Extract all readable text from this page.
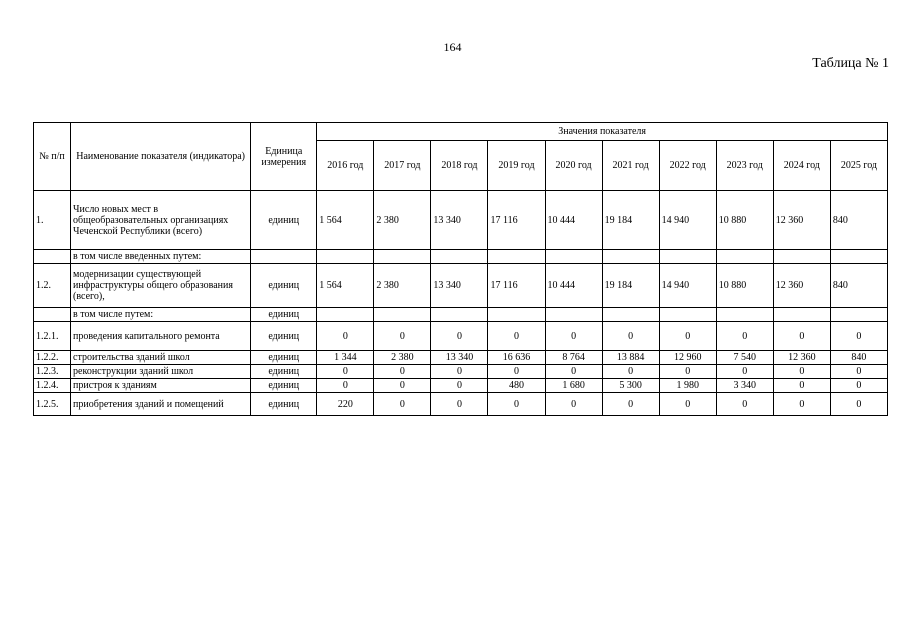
164
Таблица № 1
№ п/п	Наименование показателя (индикатора)	Единица измерения	Значения показателя									
			2016 год	2017 год	2018 год	2019 год	2020 год	2021 год	2022 год	2023 год	2024 год	2025 год
1.	Число новых мест в общеобразовательных организациях Чеченской Республики (всего)	единиц	1 564	2 380	13 340	17 116	10 444	19 184	14 940	10 880	12 360	840
	в том числе введенных путем:											
1.2.	модернизации существующей инфраструктуры общего образования (всего),	единиц	1 564	2 380	13 340	17 116	10 444	19 184	14 940	10 880	12 360	840
	в том числе путем:	единиц										
1.2.1.	проведения капитального ремонта	единиц	0	0	0	0	0	0	0	0	0	0
1.2.2.	строительства зданий школ	единиц	1 344	2 380	13 340	16 636	8 764	13 884	12 960	7 540	12 360	840
1.2.3.	реконструкции зданий школ	единиц	0	0	0	0	0	0	0	0	0	0
1.2.4.	пристроя к зданиям	единиц	0	0	0	480	1 680	5 300	1 980	3 340	0	0
1.2.5.	приобретения зданий и помещений	единиц	220	0	0	0	0	0	0	0	0	0
